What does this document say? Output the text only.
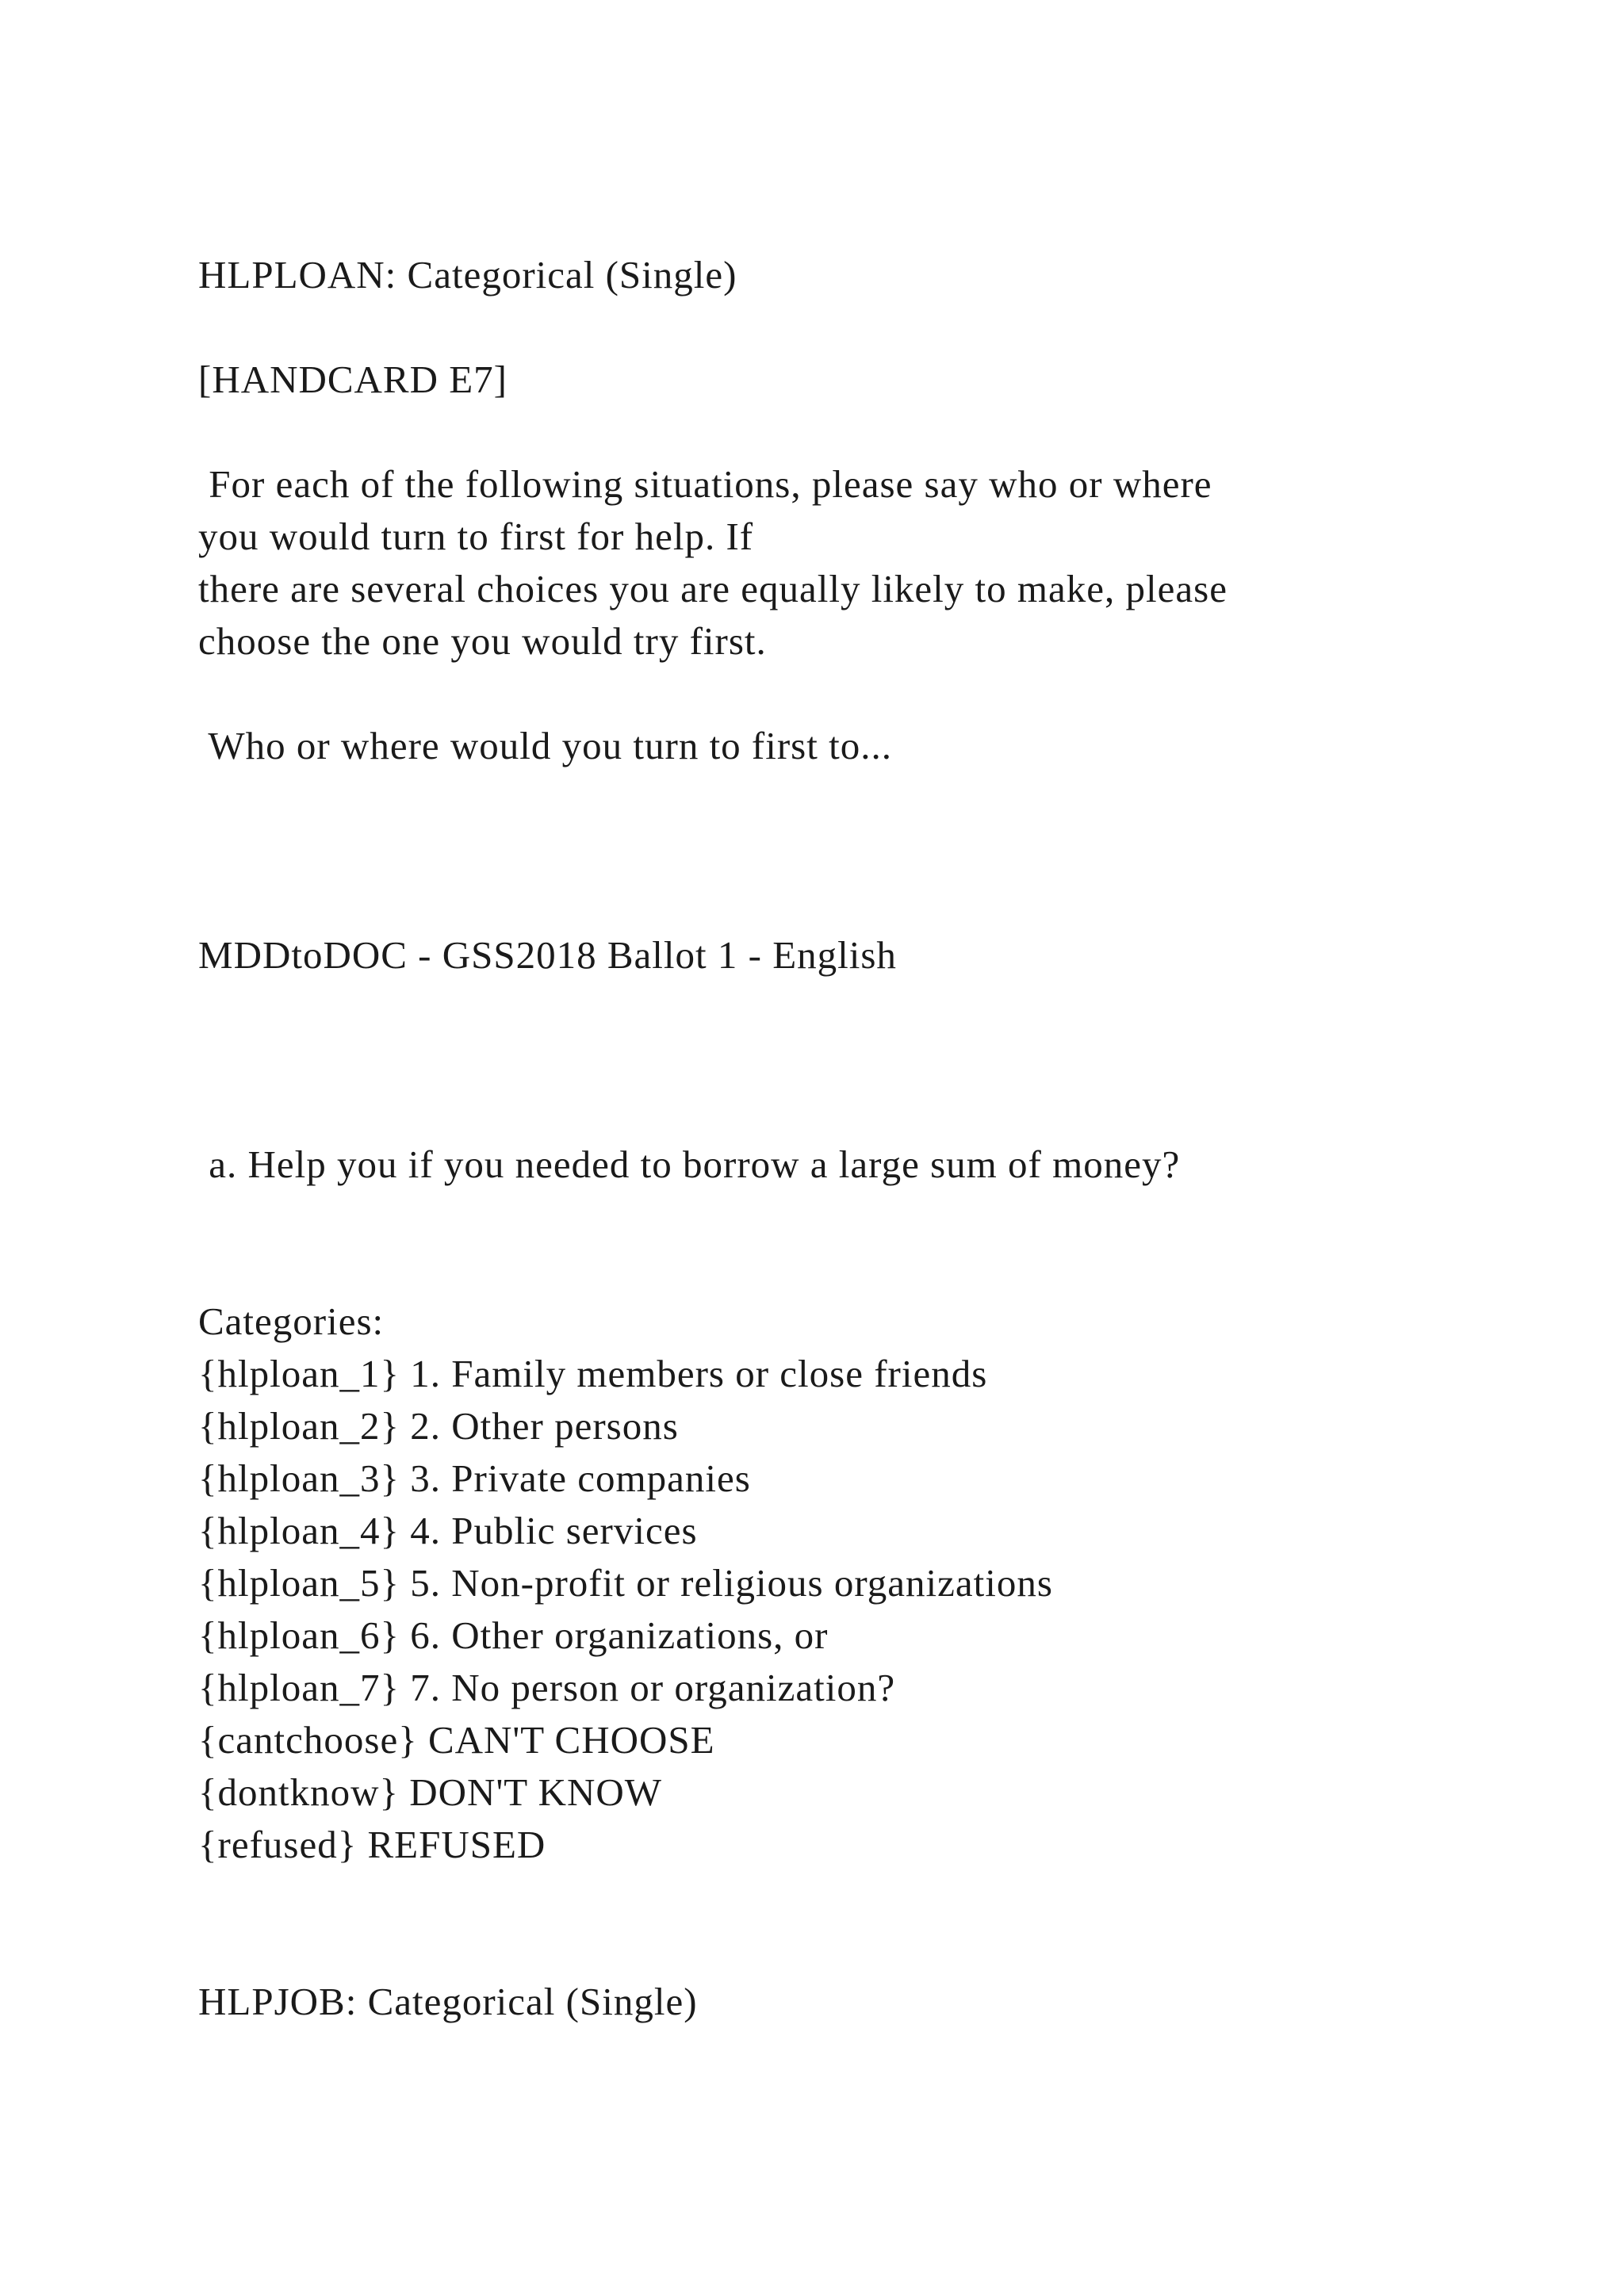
HLPLOAN: Categorical (Single)

[HANDCARD E7]

For each of the following situations, please say who or where

you would turn to first for help. If

there are several choices you are equally likely to make, please

choose the one you would try first.

Who or where would you turn to first to...

MDDtoDOC - GSS2018 Ballot 1 - English

a. Help you if you needed to borrow a large sum of money?

Categories:

{hlploan_1} 1. Family members or close friends

{hlploan_2} 2. Other persons

{hlploan_3} 3. Private companies

{hlploan_4} 4. Public services

{hlploan_5} 5. Non-profit or religious organizations

{hlploan_6} 6. Other organizations, or

{hlploan_7} 7. No person or organization?

{cantchoose} CAN'T CHOOSE

{dontknow} DON'T KNOW

{refused} REFUSED

HLPJOB: Categorical (Single)
